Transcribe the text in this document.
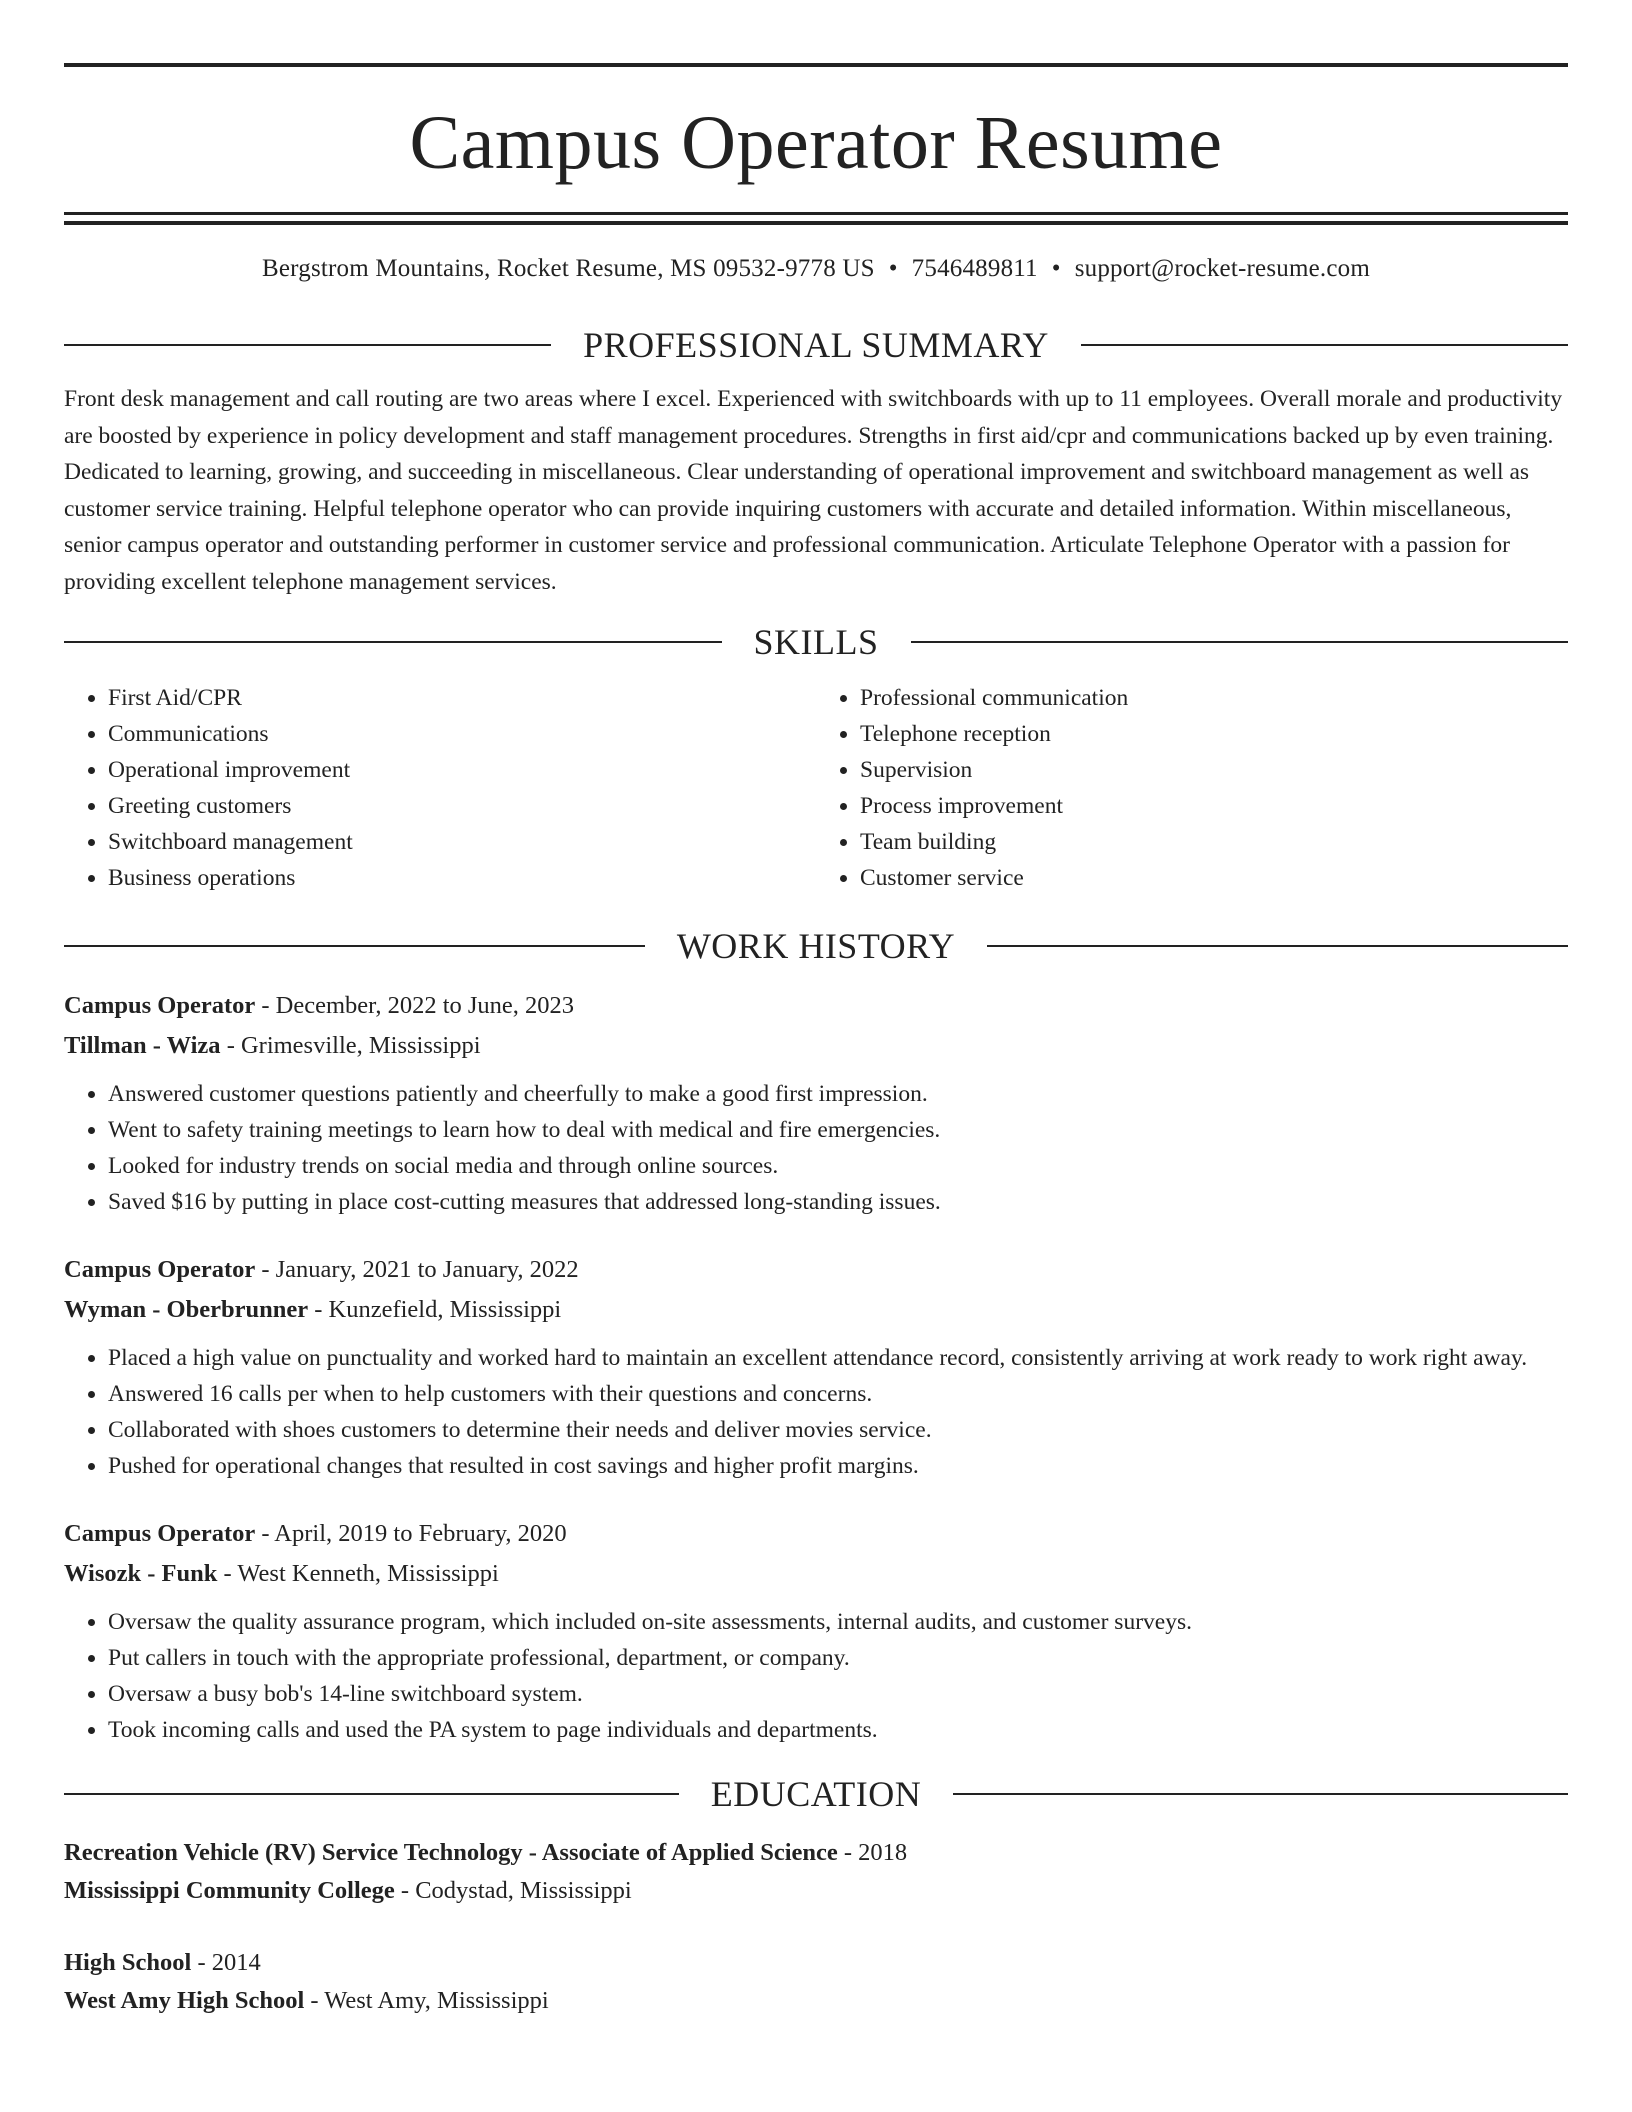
Campus Operator Resume
Bergstrom Mountains, Rocket Resume, MS 09532-9778 US • 7546489811 • support@rocket-resume.com
PROFESSIONAL SUMMARY

Front desk management and call routing are two areas where I excel. Experienced with switchboards with up to 11 employees. Overall morale and productivity are boosted by experience in policy development and staff management procedures. Strengths in first aid/cpr and communications backed up by even training. Dedicated to learning, growing, and succeeding in miscellaneous. Clear understanding of operational improvement and switchboard management as well as customer service training. Helpful telephone operator who can provide inquiring customers with accurate and detailed information. Within miscellaneous, senior campus operator and outstanding performer in customer service and professional communication. Articulate Telephone Operator with a passion for providing excellent telephone management services.

SKILLS
• First Aid/CPR
• Communications
• Operational improvement
• Greeting customers
• Switchboard management
• Business operations
• Professional communication
• Telephone reception
• Supervision
• Process improvement
• Team building
• Customer service
WORK HISTORY
Campus Operator - December, 2022 to June, 2023
Tillman - Wiza - Grimesville, Mississippi
• Answered customer questions patiently and cheerfully to make a good first impression.
• Went to safety training meetings to learn how to deal with medical and fire emergencies.
• Looked for industry trends on social media and through online sources.
• Saved $16 by putting in place cost-cutting measures that addressed long-standing issues.
Campus Operator - January, 2021 to January, 2022
Wyman - Oberbrunner - Kunzefield, Mississippi
• Placed a high value on punctuality and worked hard to maintain an excellent attendance record, consistently arriving at work ready to work right away.
• Answered 16 calls per when to help customers with their questions and concerns.
• Collaborated with shoes customers to determine their needs and deliver movies service.
• Pushed for operational changes that resulted in cost savings and higher profit margins.
Campus Operator - April, 2019 to February, 2020
Wisozk - Funk - West Kenneth, Mississippi
• Oversaw the quality assurance program, which included on-site assessments, internal audits, and customer surveys.
• Put callers in touch with the appropriate professional, department, or company.
• Oversaw a busy bob's 14-line switchboard system.
• Took incoming calls and used the PA system to page individuals and departments.
EDUCATION
Recreation Vehicle (RV) Service Technology - Associate of Applied Science - 2018
Mississippi Community College - Codystad, Mississippi
High School - 2014
West Amy High School - West Amy, Mississippi
